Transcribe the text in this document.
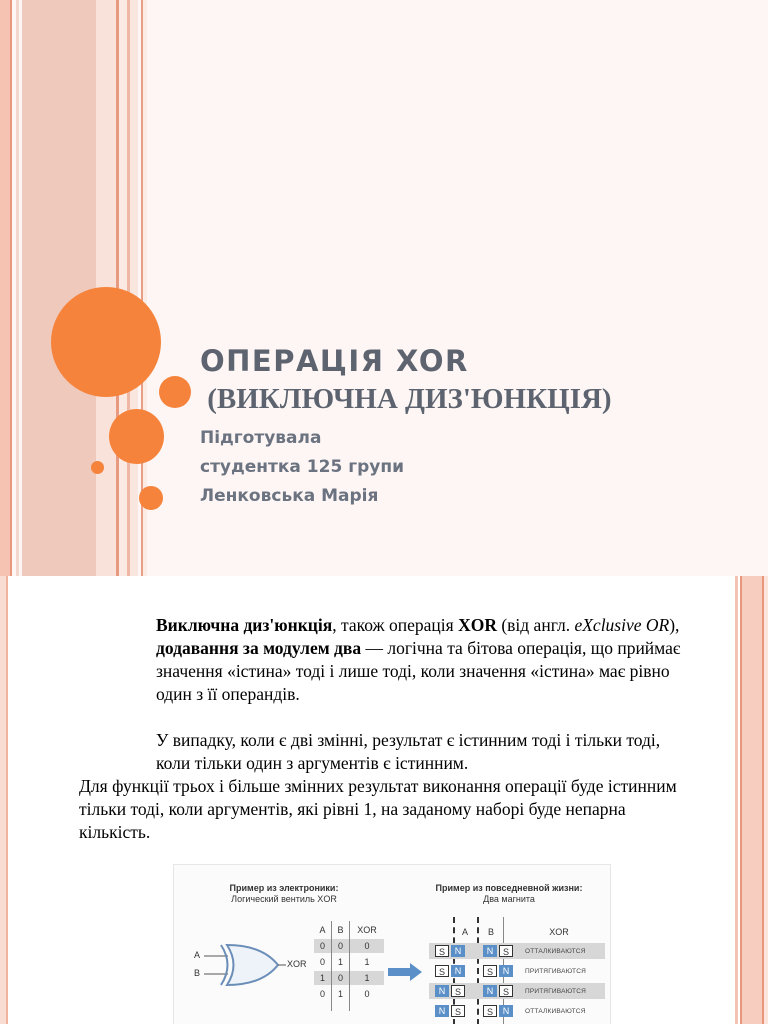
ОПЕРАЦІЯ XOR
(ВИКЛЮЧНА ДИЗ'ЮНКЦІЯ)
Підготувала
студентка 125 групи
Ленковська Марія

Виключна диз'юнкція, також операція XOR (від англ. eXclusive OR), додавання за модулем два — логічна та бітова операція, що приймає значення «істина» тоді і лише тоді, коли значення «істина» має рівно один з її операндів.

У випадку, коли є дві змінні, результат є істинним тоді і тільки тоді, коли тільки один з аргументів є істинним.

Для функції трьох і більше змінних результат виконання операції буде істинним тільки тоді, коли аргументів, які рівні 1, на заданому наборі буде непарна кількість.

Пример из электроники:
Логический вентиль XOR
Пример из повседневной жизни:
Два магнита
A
B
XOR
A	B	XOR
0	0	0
0	1	1
1	0	1
0	1	0
A	B	XOR
S	N	N	S	ОТТАЛКИВАЮТСЯ
S	N	S	N	ПРИТЯГИВАЮТСЯ
N	S	N	S	ПРИТЯГИВАЮТСЯ
N	S	S	N	ОТТАЛКИВАЮТСЯ
